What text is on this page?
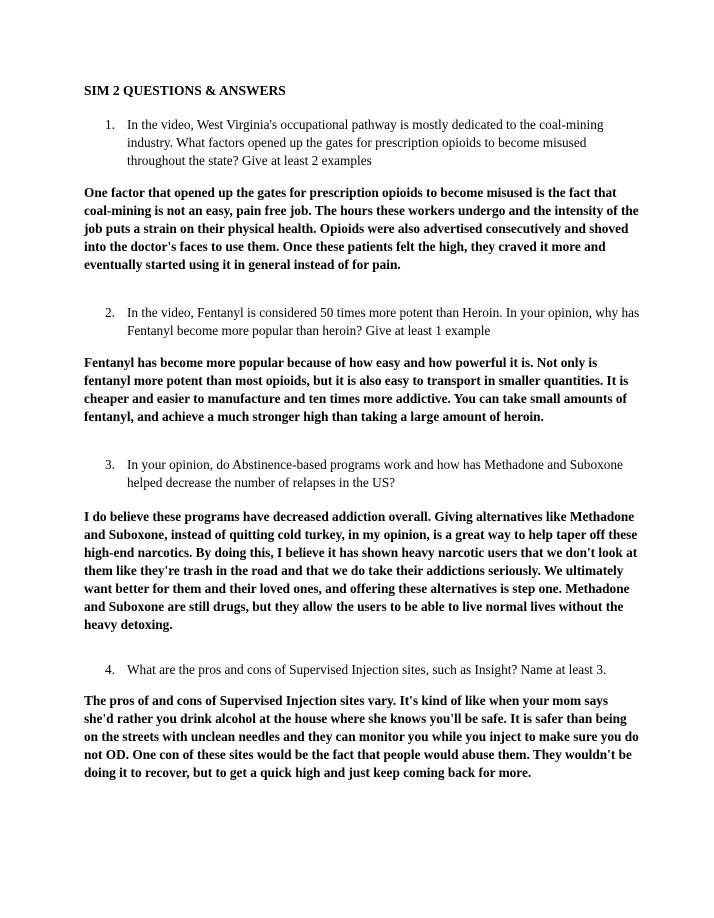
SIM 2 QUESTIONS & ANSWERS
1. In the video, West Virginia's occupational pathway is mostly dedicated to the coal-mining industry. What factors opened up the gates for prescription opioids to become misused throughout the state? Give at least 2 examples
One factor that opened up the gates for prescription opioids to become misused is the fact that coal-mining is not an easy, pain free job. The hours these workers undergo and the intensity of the job puts a strain on their physical health. Opioids were also advertised consecutively and shoved into the doctor's faces to use them. Once these patients felt the high, they craved it more and eventually started using it in general instead of for pain.
2. In the video, Fentanyl is considered 50 times more potent than Heroin. In your opinion, why has Fentanyl become more popular than heroin? Give at least 1 example
Fentanyl has become more popular because of how easy and how powerful it is. Not only is fentanyl more potent than most opioids, but it is also easy to transport in smaller quantities. It is cheaper and easier to manufacture and ten times more addictive. You can take small amounts of fentanyl, and achieve a much stronger high than taking a large amount of heroin.
3. In your opinion, do Abstinence-based programs work and how has Methadone and Suboxone helped decrease the number of relapses in the US?
I do believe these programs have decreased addiction overall. Giving alternatives like Methadone and Suboxone, instead of quitting cold turkey, in my opinion, is a great way to help taper off these high-end narcotics. By doing this, I believe it has shown heavy narcotic users that we don't look at them like they're trash in the road and that we do take their addictions seriously. We ultimately want better for them and their loved ones, and offering these alternatives is step one. Methadone and Suboxone are still drugs, but they allow the users to be able to live normal lives without the heavy detoxing.
4. What are the pros and cons of Supervised Injection sites, such as Insight? Name at least 3.
The pros of and cons of Supervised Injection sites vary. It's kind of like when your mom says she'd rather you drink alcohol at the house where she knows you'll be safe. It is safer than being on the streets with unclean needles and they can monitor you while you inject to make sure you do not OD. One con of these sites would be the fact that people would abuse them. They wouldn't be doing it to recover, but to get a quick high and just keep coming back for more.
